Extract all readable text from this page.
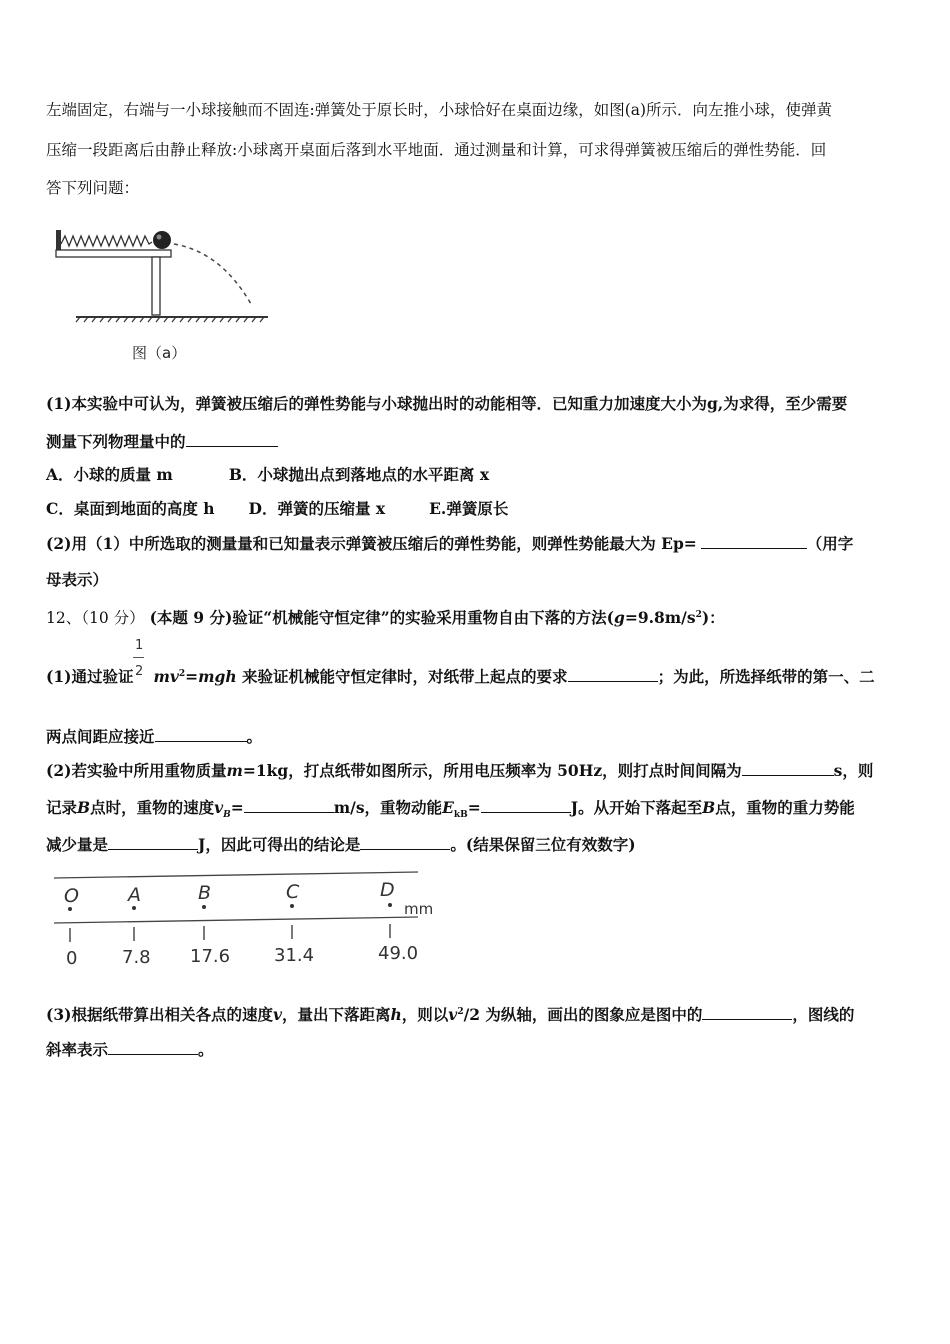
左端固定，右端与一小球接触而不固连:弹簧处于原长时，小球恰好在桌面边缘，如图(a)所示．向左推小球，使弹黄
压缩一段距离后由静止释放:小球离开桌面后落到水平地面．通过测量和计算，可求得弹簧被压缩后的弹性势能．回
答下列问题：
图（a）
(1)本实验中可认为，弹簧被压缩后的弹性势能与小球抛出时的动能相等．已知重力加速度大小为g,为求得，至少需要
测量下列物理量中的
A．小球的质量 m	B．小球抛出点到落地点的水平距离 x
C．桌面到地面的高度 h D．弹簧的压缩量 x	E.弹簧原长
(2)用（1）中所选取的测量量和已知量表示弹簧被压缩后的弹性势能，则弹性势能最大为 Ep=	（用字
母表示）
12、（10 分） (本题 9 分)验证“机械能守恒定律”的实验采用重物自由下落的方法$(g=9.8m/s^2)$：
1
2
(1)通过验证 $mv^2=mgh$ 来验证机械能守恒定律时，对纸带上起点的要求	；为此，所选择纸带的第一、二
两点间距应接近	。
(2)若实验中所用重物质量m=1kg，打点纸带如图所示，所用电压频率为 50Hz，则打点时间间隔为	s，则
记录B点时，重物的速度$v_B=$	m/s，重物动能$E_{kB}=$	J。从开始下落起至B点，重物的重力势能
减少量是	J，因此可得出的结论是	。(结果保留三位有效数字)
O	A	B	C	D
mm
0 7.8 17.6 31.4	49.0
(3)根据纸带算出相关各点的速度v，量出下落距离h，则以$v^2/2$ 为纵轴，画出的图象应是图中的	，图线的
斜率表示	。
